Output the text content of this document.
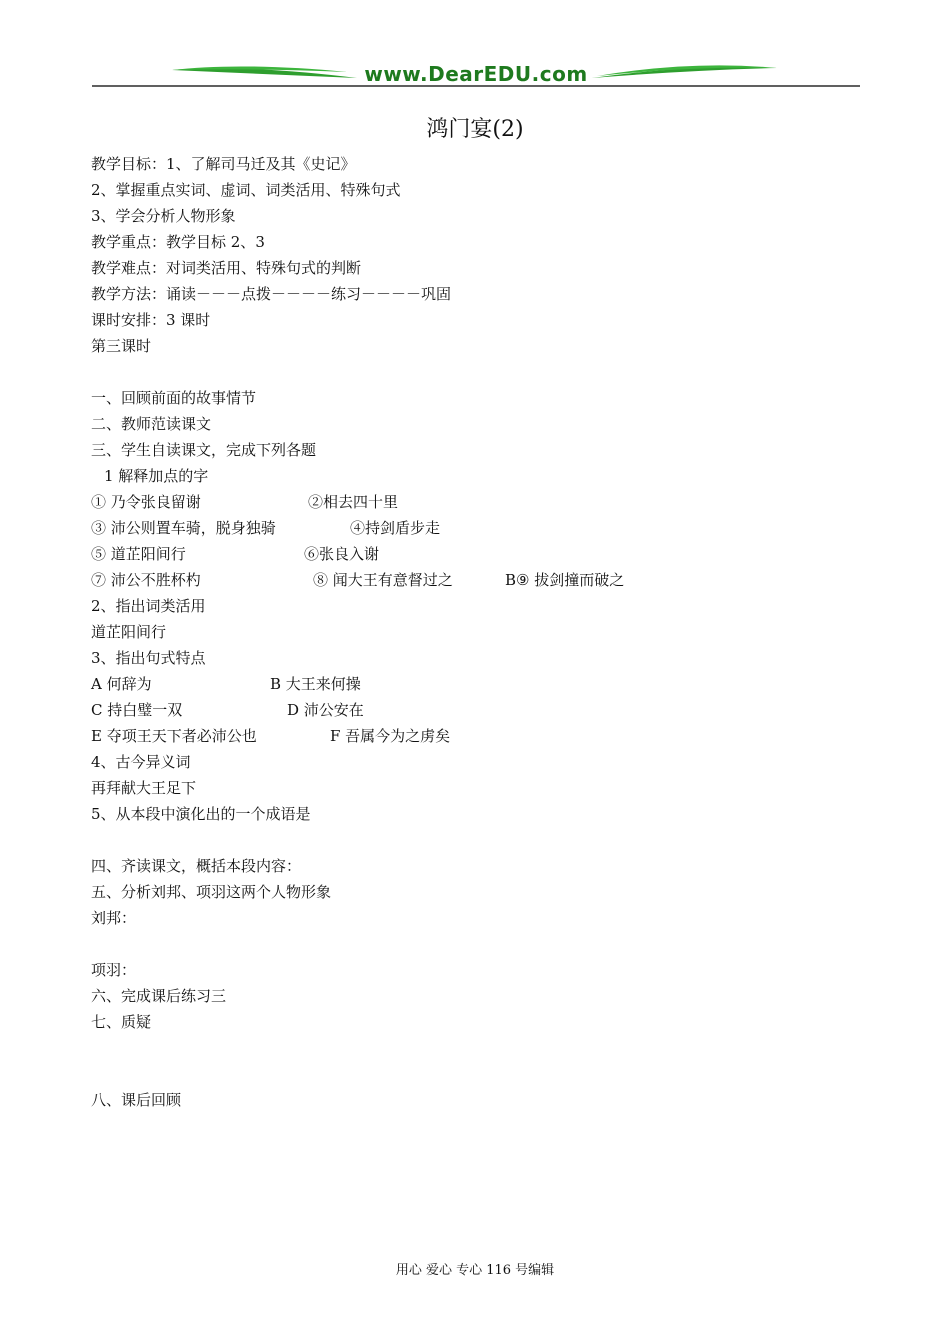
www.DearEDU.com
鸿门宴(2)
教学目标：1、了解司马迁及其《史记》
2、掌握重点实词、虚词、词类活用、特殊句式
3、学会分析人物形象
教学重点：教学目标 2、3
教学难点：对词类活用、特殊句式的判断
教学方法：诵读－－－点拨－－－－练习－－－－巩固
课时安排：3 课时
第三课时
一、回顾前面的故事情节
二、教师范读课文
三、学生自读课文，完成下列各题
1 解释加点的字
① 乃令张良留谢	②相去四十里
③ 沛公则置车骑，脱身独骑	④持剑盾步走
⑤ 道芷阳间行	⑥张良入谢
⑦ 沛公不胜杯杓	⑧ 闻大王有意督过之	B⑨ 拔剑撞而破之
2、指出词类活用
道芷阳间行
3、指出句式特点
A 何辞为	B 大王来何操
C 持白璧一双	D 沛公安在
E 夺项王天下者必沛公也	F 吾属今为之虏矣
4、古今异义词
再拜献大王足下
5、从本段中演化出的一个成语是
四、齐读课文，概括本段内容：
五、分析刘邦、项羽这两个人物形象
刘邦：
项羽：
六、完成课后练习三
七、质疑
八、课后回顾
用心 爱心 专心 116 号编辑
